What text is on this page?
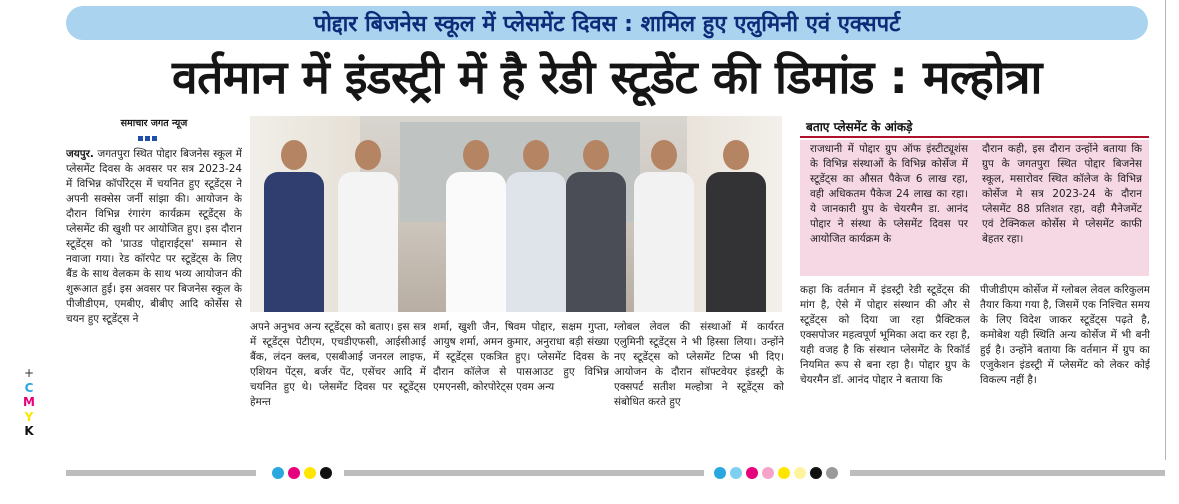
पोद्दार बिजनेस स्कूल में प्लेसमेंट दिवस : शामिल हुए एलुमिनी एवं एक्सपर्ट
वर्तमान में इंडस्ट्री में है रेडी स्टूडेंट की डिमांड : मल्होत्रा
समाचार जगत न्यूज
जयपुर. जगतपुरा स्थित पोद्दार बिजनेस स्कूल में प्लेसमेंट दिवस के अवसर पर सत्र 2023-24 में विभिन्न कॉर्पोरेट्स में चयनित हुए स्टूडेंट्स ने अपनी सक्सेस जर्नी सांझा की। आयोजन के दौरान विभिन्न रंगारंग कार्यक्रम स्टूडेंट्स के प्लेसमेंट की खुशी पर आयोजित हुए। इस दौरान स्टूडेंट्स को 'प्राउड पोद्दाराईट्स' सम्मान से नवाजा गया। रेड कॉरपेट पर स्टूडेंट्स के लिए बैंड के साथ वेलकम के साथ भव्य आयोजन की शुरूआत हुई। इस अवसर पर बिजनेस स्कूल के पीजीडीएम, एमबीए, बीबीए आदि कोर्सेस से चयन हुए स्टूडेंट्स ने
अपने अनुभव अन्य स्टूडेंट्स को बताए। इस सत्र में स्टूडेंट्स पेटीएम, एचडीएफसी, आईसीआई बैंक, लंदन क्लब, एसबीआई जनरल लाइफ, एशियन पेंट्स, बर्जर पेंट, एसेंचर आदि में चयनित हुए थे। प्लेसमेंट दिवस पर स्टूडेंट्स हेमन्त
शर्मा, खुशी जैन, षिवम पोद्दार, सक्षम गुप्ता, आयुष शर्मा, अमन कुमार, अनुराधा बड़ी संख्या में स्टूडेंट्स एकत्रित हुए। प्लेसमेंट दिवस के दौरान कॉलेज से पासआउट हुए विभिन्न एमएनसी, कोरपोरेट्स एवम अन्य
ग्लोबल लेवल की संस्थाओं में कार्यरत एलुमिनी स्टूडेंट्स ने भी हिस्सा लिया। उन्होंने नए स्टूडेंट्स को प्लेसमेंट टिप्स भी दिए। आयोजन के दौरान सॉफ्टवेयर इंडस्ट्री के एक्सपर्ट सतीश मल्होत्रा ने स्टूडेंट्स को संबोधित करते हुए
बताए प्लेसमेंट के आंकड़े
राजधानी में पोद्दार ग्रुप ऑफ इंस्टीट्यूशंस के विभिन्न संस्थाओं के विभिन्न कोर्सेज में स्टूडेंट्स का औसत पैकेज 6 लाख रहा, वही अधिकतम पैकेज 24 लाख का रहा। ये जानकारी ग्रुप के चेयरमैन डा. आनंद पोद्दार ने संस्था के प्लेसमेंट दिवस पर आयोजित कार्यक्रम के
दौरान कही, इस दौरान उन्होंने बताया कि ग्रुप के जगतपुरा स्थित पोद्दार बिजनेस स्कूल, मसारोवर स्थित कॉलेज के विभिन्न कोर्सेज मे सत्र 2023-24 के दौरान प्लेसमेंट 88 प्रतिशत रहा, वही मैनेजमेंट एवं टेक्निकल कोर्सेस मे प्लेसमेंट काफी बेहतर रहा।
कहा कि वर्तमान में इंडस्ट्री रेडी स्टूडेंट्स की मांग है, ऐसे में पोद्दार संस्थान की और से स्टूडेंट्स को दिया जा रहा प्रैक्टिकल एक्सपोजर महत्वपूर्ण भूमिका अदा कर रहा है, यही वजह है कि संस्थान प्लेसमेंट के रिकॉर्ड नियमित रूप से बना रहा है। पोद्दार ग्रुप के चेयरमैन डॉ. आनंद पोद्दार ने बताया कि
पीजीडीएम कोर्सेज में ग्लोबल लेवल करिकुलम तैयार किया गया है, जिसमें एक निश्चित समय के लिए विदेश जाकर स्टूडेंट्स पढ़ते है, कमोबेश यही स्थिति अन्य कोर्सेज में भी बनी हुई है। उन्होंने बताया कि वर्तमान में ग्रुप का एजुकेशन इंडस्ट्री में प्लेसमेंट को लेकर कोई विकल्प नहीं है।
+
C
M
Y
K
